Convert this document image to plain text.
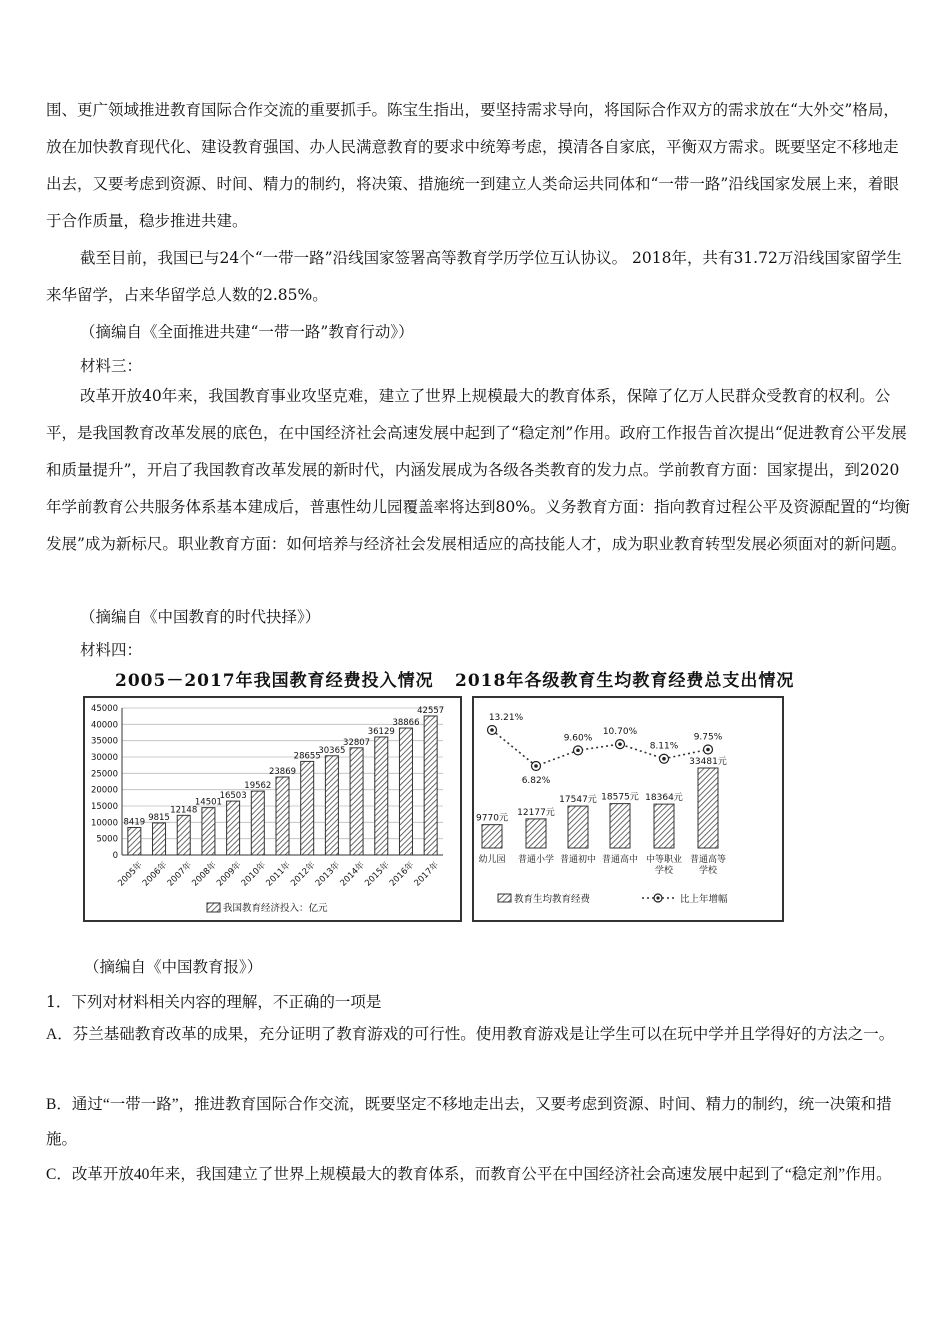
围、更广领域推进教育国际合作交流的重要抓手。陈宝生指出，要坚持需求导向，将国际合作双方的需求放在“大外交”格局，放在加快教育现代化、建设教育强国、办人民满意教育的要求中统筹考虑，摸清各自家底，平衡双方需求。既要坚定不移地走出去，又要考虑到资源、时间、精力的制约，将决策、措施统一到建立人类命运共同体和“一带一路”沿线国家发展上来，着眼于合作质量，稳步推进共建。

截至目前，我国已与24个“一带一路”沿线国家签署高等教育学历学位互认协议。 2018年，共有31.72万沿线国家留学生来华留学，占来华留学总人数的2.85%。

（摘编自《全面推进共建“一带一路”教育行动》）

材料三：

改革开放40年来，我国教育事业攻坚克难，建立了世界上规模最大的教育体系，保障了亿万人民群众受教育的权利。公平，是我国教育改革发展的底色，在中国经济社会高速发展中起到了“稳定剂”作用。政府工作报告首次提出“促进教育公平发展和质量提升”，开启了我国教育改革发展的新时代，内涵发展成为各级各类教育的发力点。学前教育方面：国家提出，到2020年学前教育公共服务体系基本建成后，普惠性幼儿园覆盖率将达到80%。义务教育方面：指向教育过程公平及资源配置的“均衡发展”成为新标尺。职业教育方面：如何培养与经济社会发展相适应的高技能人才，成为职业教育转型发展必须面对的新问题。

（摘编自《中国教育的时代抉择》）

材料四：

2005－2017年我国教育经费投入情况 2018年各级教育生均教育经费总支出情况
0
5000
10000
15000
20000
25000
30000
35000
40000
45000
8419
2005年
9815
2006年
12148
2007年
14501
2008年
16503
2009年
19562
2010年
23869
2011年
28655
2012年
30365
2013年
32807
2014年
36129
2015年
38866
2016年
42557
2017年
我国教育经济投入：亿元
13.21%
6.82%
9.60%
10.70%
8.11%
9.75%
9770元
幼儿园
12177元
普通小学
17547元
普通初中
18575元
普通高中
18364元
中等职业
学校
33481元
普通高等
学校
教育生均教育经费	比上年增幅

（摘编自《中国教育报》）

1．下列对材料相关内容的理解，不正确的一项是

A．芬兰基础教育改革的成果，充分证明了教育游戏的可行性。使用教育游戏是让学生可以在玩中学并且学得好的方法之一。

B．通过“一带一路”，推进教育国际合作交流，既要坚定不移地走出去，又要考虑到资源、时间、精力的制约，统一决策和措施。

C．改革开放40年来，我国建立了世界上规模最大的教育体系，而教育公平在中国经济社会高速发展中起到了“稳定剂”作用。
